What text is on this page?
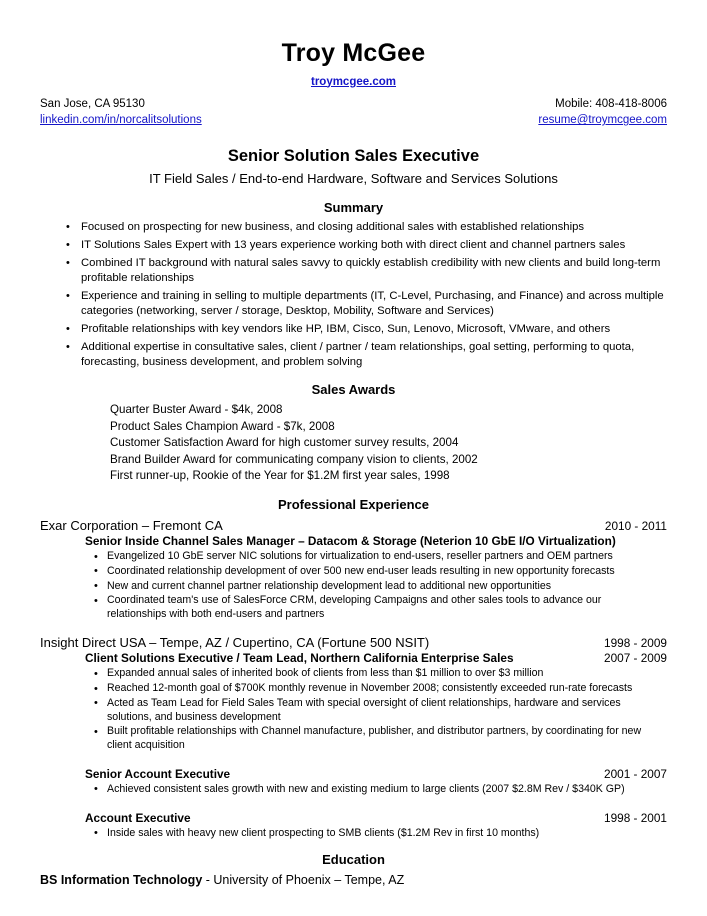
Troy McGee
troymcgee.com
San Jose, CA 95130
linkedin.com/in/norcalitsolutions
Mobile: 408-418-8006
resume@troymcgee.com
Senior Solution Sales Executive
IT Field Sales / End-to-end Hardware, Software and Services Solutions
Summary
• Focused on prospecting for new business, and closing additional sales with established relationships
• IT Solutions Sales Expert with 13 years experience working both with direct client and channel partners sales
• Combined IT background with natural sales savvy to quickly establish credibility with new clients and build long-term profitable relationships
• Experience and training in selling to multiple departments (IT, C-Level, Purchasing, and Finance) and across multiple categories (networking, server / storage, Desktop, Mobility, Software and Services)
• Profitable relationships with key vendors like HP, IBM, Cisco, Sun, Lenovo, Microsoft, VMware, and others
• Additional expertise in consultative sales, client / partner / team relationships, goal setting, performing to quota, forecasting, business development, and problem solving
Sales Awards
Quarter Buster Award - $4k, 2008
Product Sales Champion Award - $7k, 2008
Customer Satisfaction Award for high customer survey results, 2004
Brand Builder Award for communicating company vision to clients, 2002
First runner-up, Rookie of the Year for $1.2M first year sales, 1998
Professional Experience
Exar Corporation – Fremont CA	2010 - 2011
Senior Inside Channel Sales Manager – Datacom & Storage (Neterion 10 GbE I/O Virtualization)
• Evangelized 10 GbE server NIC solutions for virtualization to end-users, reseller partners and OEM partners
• Coordinated relationship development of over 500 new end-user leads resulting in new opportunity forecasts
• New and current channel partner relationship development lead to additional new opportunities
• Coordinated team's use of SalesForce CRM, developing Campaigns and other sales tools to advance our relationships with both end-users and partners
Insight Direct USA – Tempe, AZ / Cupertino, CA (Fortune 500 NSIT)	1998 - 2009
Client Solutions Executive / Team Lead, Northern California Enterprise Sales	2007 - 2009
• Expanded annual sales of inherited book of clients from less than $1 million to over $3 million
• Reached 12-month goal of $700K monthly revenue in November 2008; consistently exceeded run-rate forecasts
• Acted as Team Lead for Field Sales Team with special oversight of client relationships, hardware and services solutions, and business development
• Built profitable relationships with Channel manufacture, publisher, and distributor partners, by coordinating for new client acquisition
Senior Account Executive	2001 - 2007
• Achieved consistent sales growth with new and existing medium to large clients (2007 $2.8M Rev / $340K GP)
Account Executive	1998 - 2001
• Inside sales with heavy new client prospecting to SMB clients ($1.2M Rev in first 10 months)
Education
BS Information Technology - University of Phoenix – Tempe, AZ
